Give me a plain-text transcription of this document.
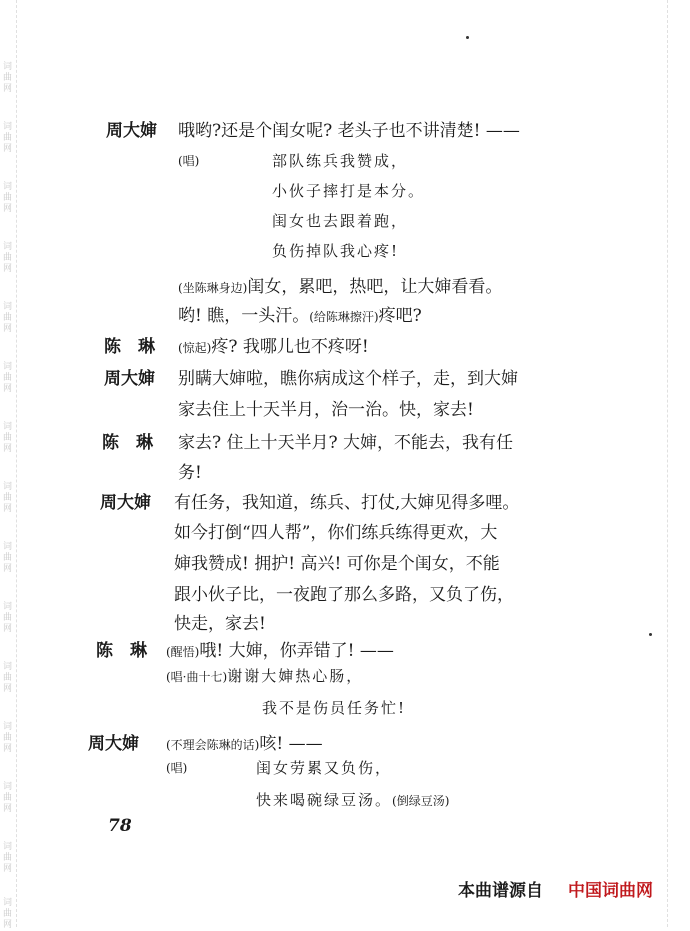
词
曲
网
词
曲
网
词
曲
网
词
曲
网
词
曲
网
词
曲
网
词
曲
网
词
曲
网
词
曲
网
词
曲
网
词
曲
网
词
曲
网
词
曲
网
词
曲
网
词
曲
网
周大婶 哦哟?还是个闺女呢? 老头子也不讲清楚! ——
(唱)	部队练兵我赞成，
小伙子摔打是本分。
闺女也去跟着跑，
负伤掉队我心疼!
(坐陈琳身边)闺女，累吧，热吧，让大婶看看。
哟! 瞧，一头汗。(给陈琳擦汗)疼吧?
陈　琳 (惊起)疼? 我哪儿也不疼呀!
周大婶 别瞒大婶啦，瞧你病成这个样子，走，到大婶
家去住上十天半月，治一治。快，家去!
陈　琳 家去? 住上十天半月? 大婶，不能去，我有任
务!
周大婶 有任务，我知道，练兵、打仗,大婶见得多哩。
如今打倒“四人帮”，你们练兵练得更欢，大
婶我赞成! 拥护! 高兴! 可你是个闺女，不能
跟小伙子比，一夜跑了那么多路，又负了伤，
快走，家去!
陈　琳 (醒悟)哦! 大婶，你弄错了! ——
(唱·曲十七)谢谢大婶热心肠，
我不是伤员任务忙!
周大婶 (不理会陈琳的话)咳! ——
(唱)	闺女劳累又负伤，
快来喝碗绿豆汤。(倒绿豆汤)
78
本曲谱源自 中国词曲网
